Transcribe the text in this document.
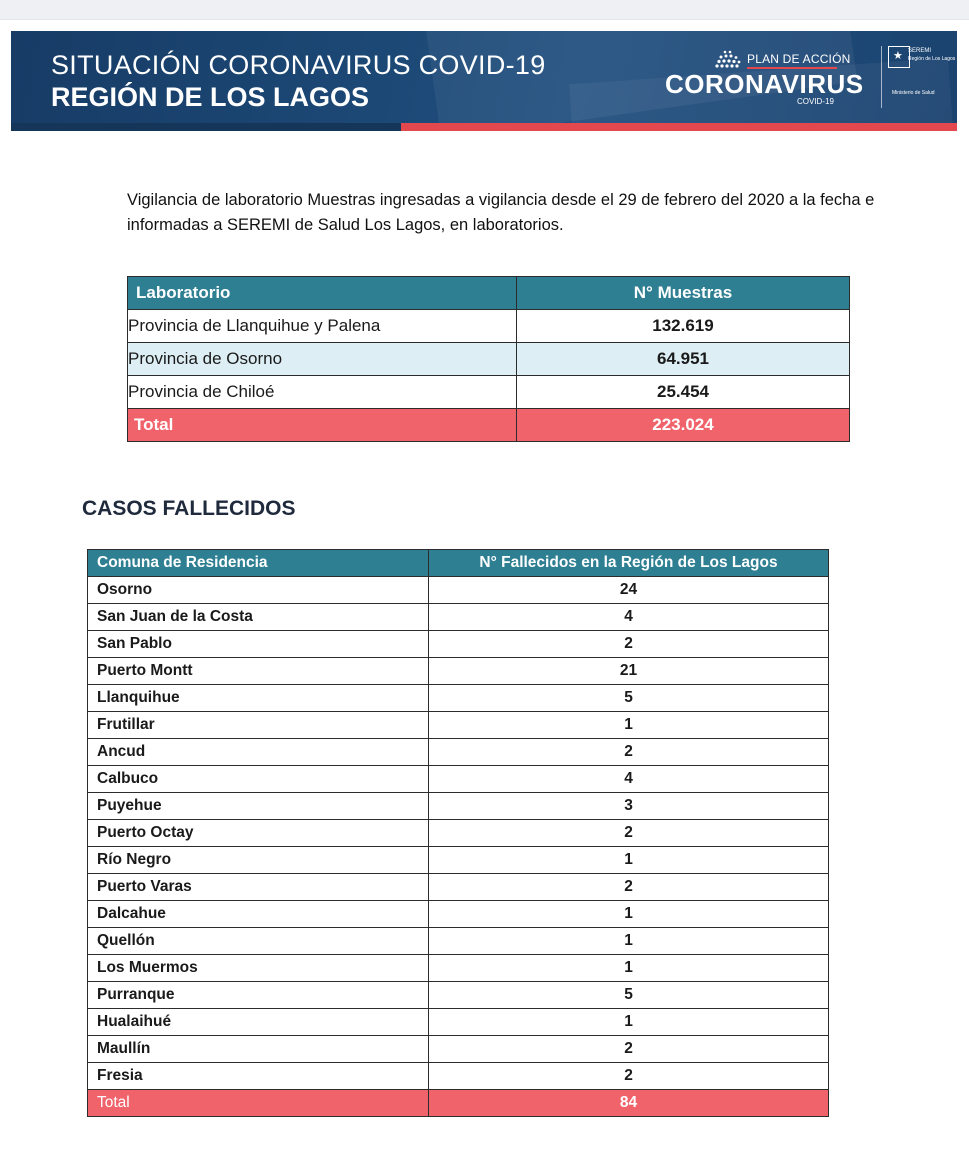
SITUACIÓN CORONAVIRUS COVID-19
REGIÓN DE LOS LAGOS
PLAN DE ACCIÓN
CORONAVIRUS
COVID-19
★ SEREMI
Región de Los Lagos
Ministerio de Salud

Vigilancia de laboratorio Muestras ingresadas a vigilancia desde el 29 de febrero del 2020 a la fecha e informadas a SEREMI de Salud Los Lagos, en laboratorios.

Laboratorio	N° Muestras
Provincia de Llanquihue y Palena	132.619
Provincia de Osorno	64.951
Provincia de Chiloé	25.454
Total	223.024
CASOS FALLECIDOS
Comuna de Residencia	N° Fallecidos en la Región de Los Lagos
Osorno	24
San Juan de la Costa	4
San Pablo	2
Puerto Montt	21
Llanquihue	5
Frutillar	1
Ancud	2
Calbuco	4
Puyehue	3
Puerto Octay	2
Río Negro	1
Puerto Varas	2
Dalcahue	1
Quellón	1
Los Muermos	1
Purranque	5
Hualaihué	1
Maullín	2
Fresia	2
Total	84
